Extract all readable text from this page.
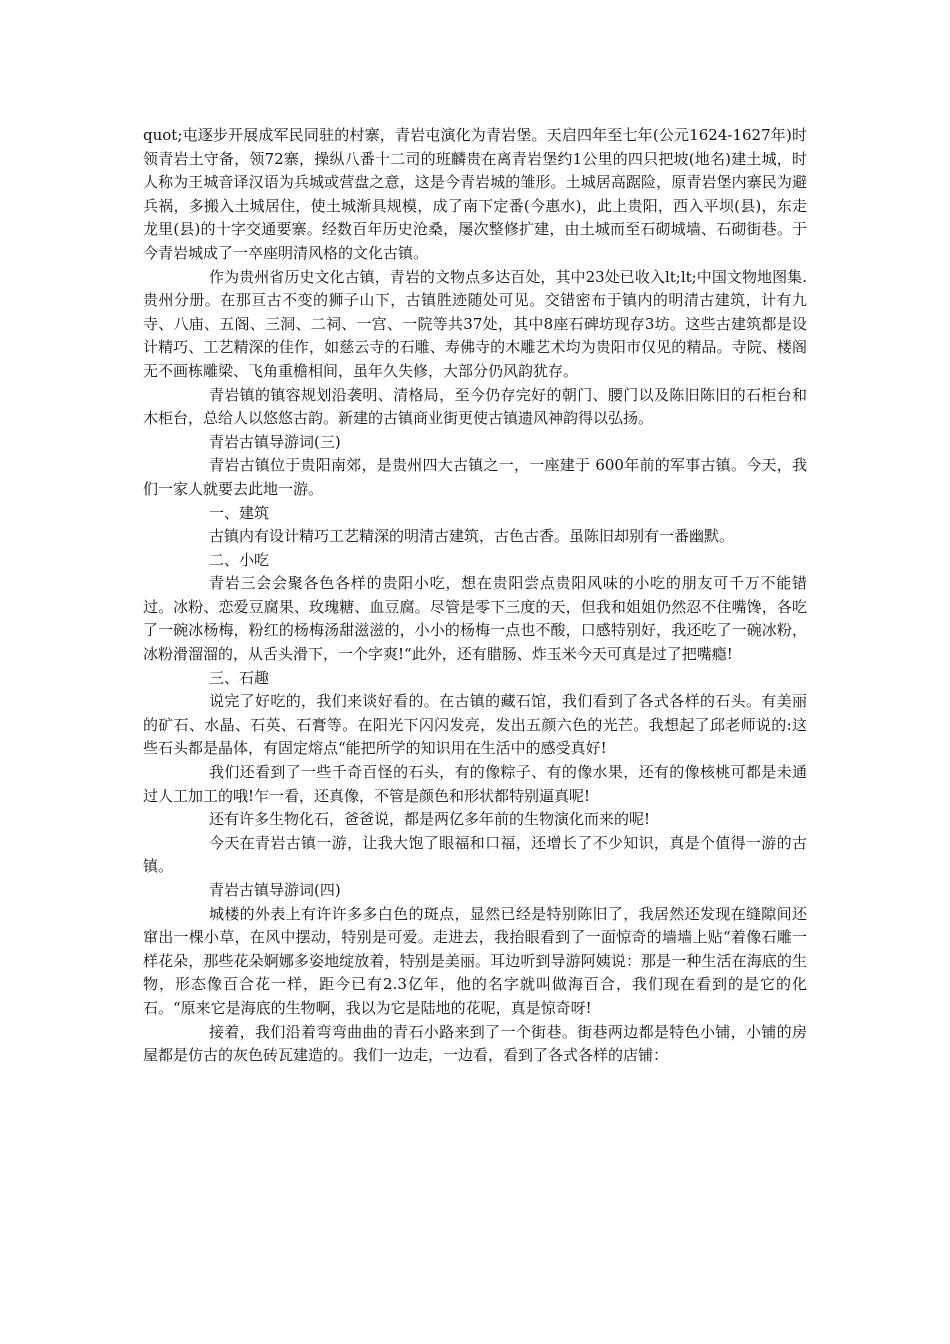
quot;屯逐步开展成军民同驻的村寨，青岩屯演化为青岩堡。天启四年至七年(公元1624-1627年)时领青岩土守备，领72寨，操纵八番十二司的班麟贵在离青岩堡约1公里的四只把坡(地名)建土城，时人称为王城音译汉语为兵城或营盘之意，这是今青岩城的雏形。土城居高踞险，原青岩堡内寨民为避兵祸，多搬入土城居住，使土城渐具规模，成了南下定番(今惠水)，此上贵阳，西入平坝(县)，东走龙里(县)的十字交通要寨。经数百年历史沧桑，屡次整修扩建，由土城而至石砌城墙、石砌街巷。于今青岩城成了一卒座明清风格的文化古镇。

作为贵州省历史文化古镇，青岩的文物点多达百处，其中23处已收入lt;lt;中国文物地图集.贵州分册。在那亘古不变的狮子山下，古镇胜迹随处可见。交错密布于镇内的明清古建筑，计有九寺、八庙、五阁、三洞、二祠、一宫、一院等共37处，其中8座石碑坊现存3坊。这些古建筑都是设计精巧、工艺精深的佳作，如慈云寺的石雕、寿佛寺的木雕艺术均为贵阳市仅见的精品。寺院、楼阁无不画栋雕梁、飞角重檐相间，虽年久失修，大部分仍风韵犹存。

青岩镇的镇容规划沿袭明、清格局，至今仍存完好的朝门、腰门以及陈旧陈旧的石柜台和木柜台，总给人以悠悠古韵。新建的古镇商业街更使古镇遗风神韵得以弘扬。

青岩古镇导游词(三)

青岩古镇位于贵阳南郊，是贵州四大古镇之一，一座建于 600年前的军事古镇。今天，我们一家人就要去此地一游。

一、建筑

古镇内有设计精巧工艺精深的明清古建筑，古色古香。虽陈旧却别有一番幽默。

二、小吃

青岩三会会聚各色各样的贵阳小吃，想在贵阳尝点贵阳风味的小吃的朋友可千万不能错过。冰粉、恋爱豆腐果、玫瑰糖、血豆腐。尽管是零下三度的天，但我和姐姐仍然忍不住嘴馋，各吃了一碗冰杨梅，粉红的杨梅汤甜滋滋的，小小的杨梅一点也不酸，口感特别好，我还吃了一碗冰粉，冰粉滑溜溜的，从舌头滑下，一个字爽!“此外，还有腊肠、炸玉米今天可真是过了把嘴瘾!

三、石趣

说完了好吃的，我们来谈好看的。在古镇的藏石馆，我们看到了各式各样的石头。有美丽的矿石、水晶、石英、石膏等。在阳光下闪闪发亮，发出五颜六色的光芒。我想起了邱老师说的:这些石头都是晶体，有固定熔点“能把所学的知识用在生活中的感受真好!

我们还看到了一些千奇百怪的石头，有的像粽子、有的像水果，还有的像核桃可都是未通过人工加工的哦!乍一看，还真像，不管是颜色和形状都特别逼真呢!

还有许多生物化石，爸爸说，都是两亿多年前的生物演化而来的呢!

今天在青岩古镇一游，让我大饱了眼福和口福，还增长了不少知识，真是个值得一游的古镇。

青岩古镇导游词(四)

城楼的外表上有许许多多白色的斑点，显然已经是特别陈旧了，我居然还发现在缝隙间还窜出一棵小草，在风中摆动，特别是可爱。走进去，我抬眼看到了一面惊奇的墙墙上贴“着像石雕一样花朵，那些花朵婀娜多姿地绽放着，特别是美丽。耳边听到导游阿姨说：那是一种生活在海底的生物，形态像百合花一样，距今已有2.3亿年，他的名字就叫做海百合，我们现在看到的是它的化石。“原来它是海底的生物啊，我以为它是陆地的花呢，真是惊奇呀!

接着，我们沿着弯弯曲曲的青石小路来到了一个街巷。街巷两边都是特色小铺，小铺的房屋都是仿古的灰色砖瓦建造的。我们一边走，一边看，看到了各式各样的店铺：
